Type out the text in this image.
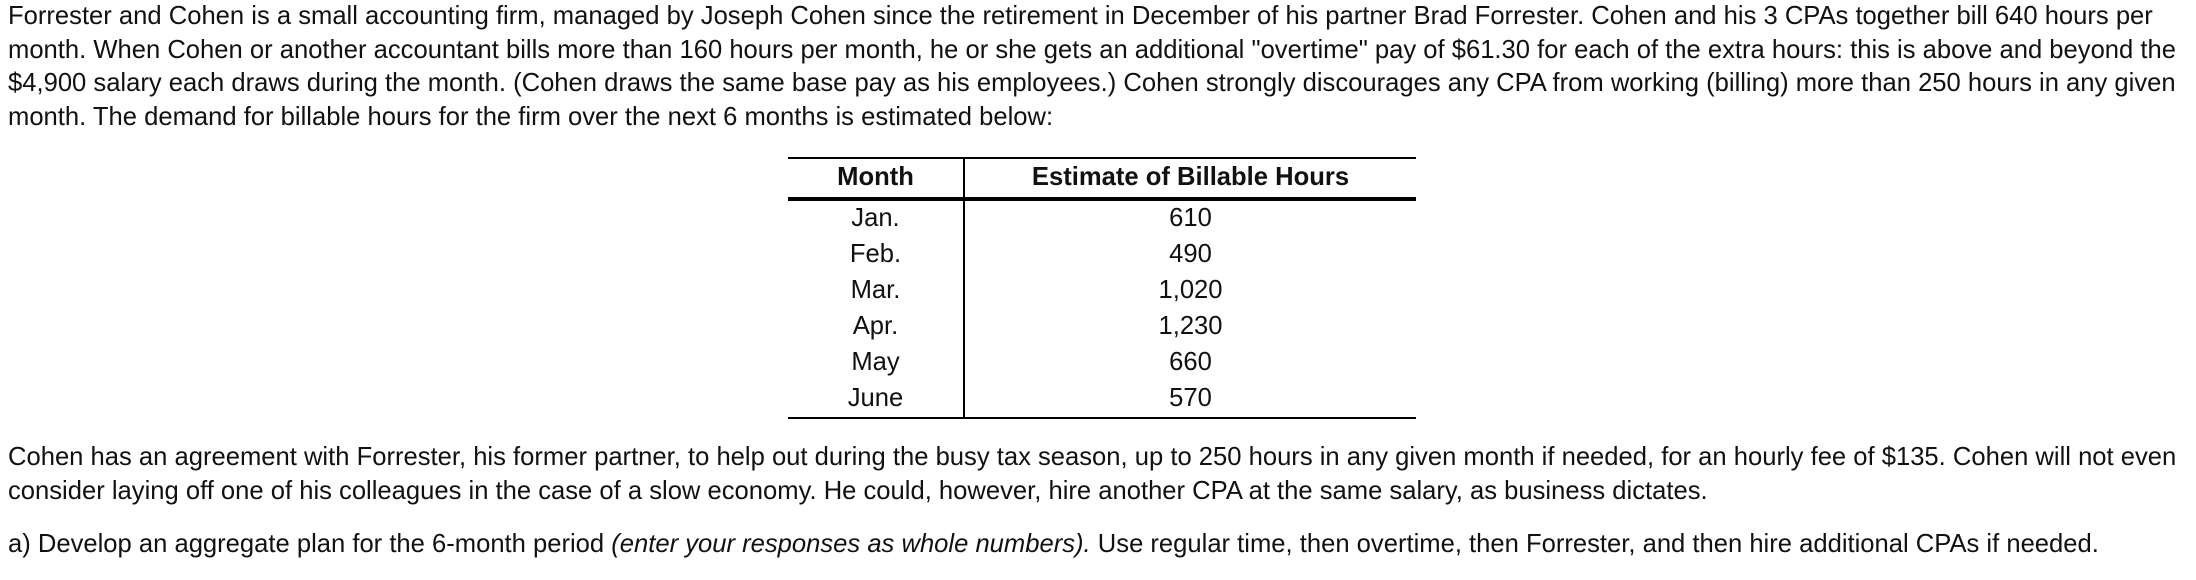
Forrester and Cohen is a small accounting firm, managed by Joseph Cohen since the retirement in December of his partner Brad Forrester. Cohen and his 3 CPAs together bill 640 hours per month. When Cohen or another accountant bills more than 160 hours per month, he or she gets an additional "overtime" pay of $61.30 for each of the extra hours: this is above and beyond the $4,900 salary each draws during the month. (Cohen draws the same base pay as his employees.) Cohen strongly discourages any CPA from working (billing) more than 250 hours in any given month. The demand for billable hours for the firm over the next 6 months is estimated below:

Month	Estimate of Billable Hours
Jan.	610
Feb.	490
Mar.	1,020
Apr.	1,230
May	660
June	570

Cohen has an agreement with Forrester, his former partner, to help out during the busy tax season, up to 250 hours in any given month if needed, for an hourly fee of $135. Cohen will not even consider laying off one of his colleagues in the case of a slow economy. He could, however, hire another CPA at the same salary, as business dictates.

a) Develop an aggregate plan for the 6-month period (enter your responses as whole numbers). Use regular time, then overtime, then Forrester, and then hire additional CPAs if needed.
